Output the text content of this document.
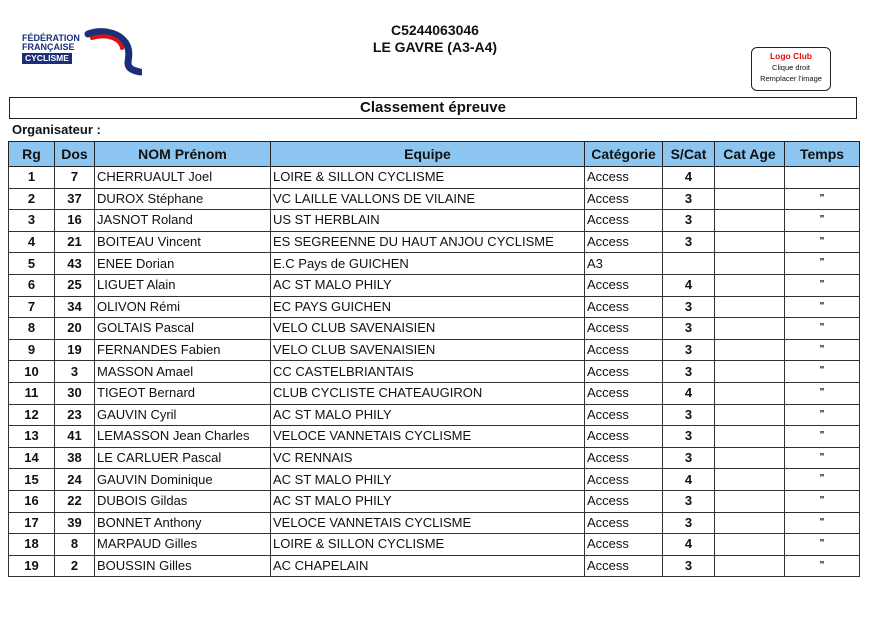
FÉDÉRATION
FRANÇAISE
CYCLISME
C5244063046
LE GAVRE (A3-A4)
Logo Club
Clique droit
Remplacer l'image
Classement épreuve
Organisateur :
Rg	Dos	NOM Prénom	Equipe	Catégorie	S/Cat	Cat Age	Temps
1	7	CHERRUAULT Joel	LOIRE & SILLON CYCLISME	Access	4		
2	37	DUROX Stéphane	VC LAILLE VALLONS DE VILAINE	Access	3		"
3	16	JASNOT Roland	US ST HERBLAIN	Access	3		"
4	21	BOITEAU Vincent	ES SEGREENNE DU HAUT ANJOU CYCLISME	Access	3		"
5	43	ENEE Dorian	E.C Pays de GUICHEN	A3			"
6	25	LIGUET Alain	AC ST MALO PHILY	Access	4		"
7	34	OLIVON Rémi	EC PAYS GUICHEN	Access	3		"
8	20	GOLTAIS Pascal	VELO CLUB SAVENAISIEN	Access	3		"
9	19	FERNANDES Fabien	VELO CLUB SAVENAISIEN	Access	3		"
10	3	MASSON Amael	CC CASTELBRIANTAIS	Access	3		"
11	30	TIGEOT Bernard	CLUB CYCLISTE CHATEAUGIRON	Access	4		"
12	23	GAUVIN Cyril	AC ST MALO PHILY	Access	3		"
13	41	LEMASSON Jean Charles	VELOCE VANNETAIS CYCLISME	Access	3		"
14	38	LE CARLUER Pascal	VC RENNAIS	Access	3		"
15	24	GAUVIN Dominique	AC ST MALO PHILY	Access	4		"
16	22	DUBOIS Gildas	AC ST MALO PHILY	Access	3		"
17	39	BONNET Anthony	VELOCE VANNETAIS CYCLISME	Access	3		"
18	8	MARPAUD Gilles	LOIRE & SILLON CYCLISME	Access	4		"
19	2	BOUSSIN Gilles	AC CHAPELAIN	Access	3		"
